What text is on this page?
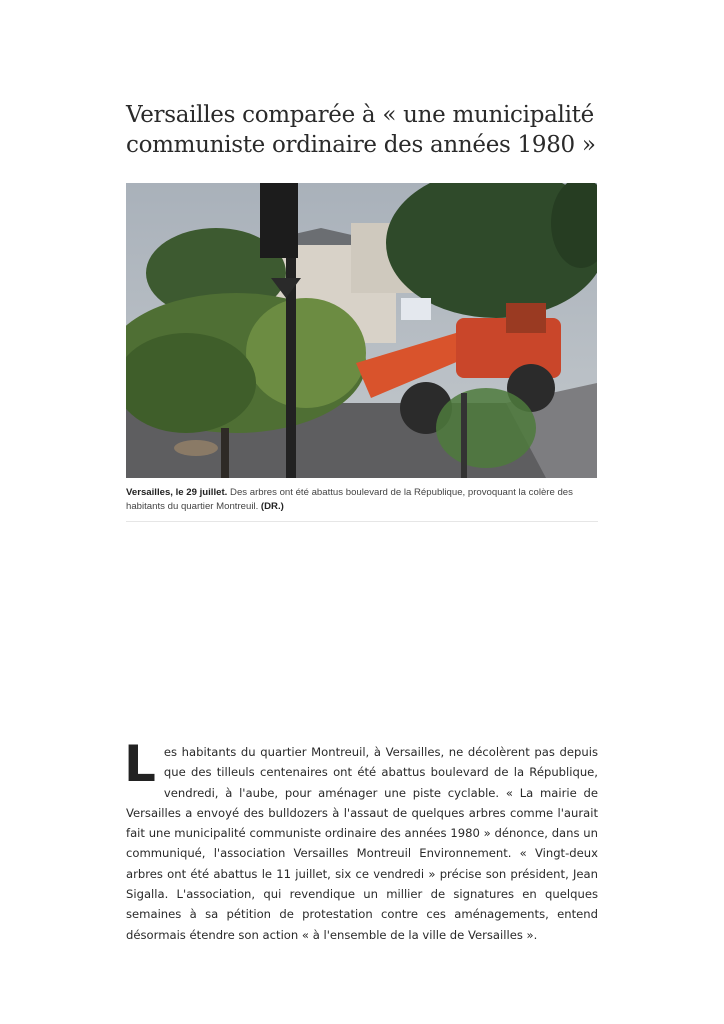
Versailles comparée à « une municipalité communiste ordinaire des années 1980 »
Versailles, le 29 juillet. Des arbres ont été abattus boulevard de la République, provoquant la colère des habitants du quartier Montreuil. (DR.)

Les habitants du quartier Montreuil, à Versailles, ne décolèrent pas depuis que des tilleuls centenaires ont été abattus boulevard de la République, vendredi, à l'aube, pour aménager une piste cyclable. « La mairie de Versailles a envoyé des bulldozers à l'assaut de quelques arbres comme l'aurait fait une municipalité communiste ordinaire des années 1980 » dénonce, dans un communiqué, l'association Versailles Montreuil Environnement. « Vingt-deux arbres ont été abattus le 11 juillet, six ce vendredi » précise son président, Jean Sigalla. L'association, qui revendique un millier de signatures en quelques semaines à sa pétition de protestation contre ces aménagements, entend désormais étendre son action « à l'ensemble de la ville de Versailles ».
